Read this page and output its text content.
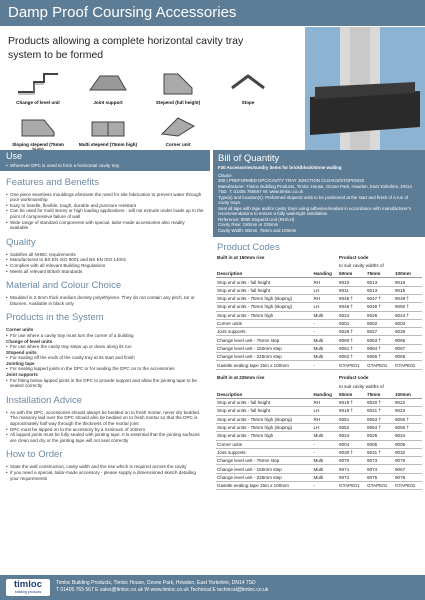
Damp Proof Coursing Accessories
Products allowing a complete horizontal cavity tray system to be formed
Change of level unit	Joint support	Stepend (full height)	Stope
Sloping stepend (75mm	Multi stepend (75mm high)	Corner unit
Use
• Wherever DPC is used to form a horizontal cavity tray
Features and Benefits
• One piece seamless mouldings eliminate the need for site fabrication to prevent water through poor workmanship
• Easy to handle, flexible, tough, durable and puncture resistant
• Can be used for multi storey or high loading applications - will not extrude under loads up to the point of compressive failure of wall
• Wide range of standard components with special, tailor-made accessories also readily available
Quality
• Satisfies all NHBC requirements
• Manufactured to BS EN ISO 9001 and BS EN ISO 14001
• Complies with all relevant Building Regulations
• Meets all relevant British Standards
Material and Colour Choice
• Moulded in 2.0mm thick medium density polyethylene. They do not contain any pitch, tar or bitumen. Available in black only
Products in the System
Corner units
• For use where a cavity tray must turn the corner of a building
Change of level units
• For use where the cavity tray steps up or down along its run
Stopend units
• For sealing off the ends of the cavity tray at its start and finish
Jointing tape
• For sealing lapped joints in the DPC or for sealing the DPC on to the accessories
Joint supports
• For fitting below lapped joints in the DPC to provide support and allow the jointing tape to be sealed correctly
Installation Advice
• As with the DPC, accessories should always be bedded on to fresh mortar, never dry bedded. The masonry laid over the DPC should also be bedded on to fresh mortar so that the DPC is approximately half way through the thickness of the mortar joint
• DPC must be lapped on to the accessory by a minimum of 100mm
• All lapped joints must be fully sealed with jointing tape. It is essential that the jointing surfaces are clean and dry or the jointing tape will not seal correctly
How to Order
• State the wall construction, cavity width and the rise which is required across the cavity
• If you need a special, tailor-made accessory - please supply a dimensioned sketch detailing your requirements
Bill of Quantity
F30 Accessories/sundry items for brick/block/stone walling
Clause
300 | PREFORMED DPC/CAVITY TRAY JUNCTION CLOAKS/STOPENDS
Manufacturer: Timloc Building Products, Timloc House, Ozone Park, Howden, East Yorkshire, DN14 7SD. T: 01405 765567 W: www.timloc.co.uk
Type(s) and location(s): Preformed stopend units to be positioned at the start and finish of a run of cavity trays.
Seal all laps with tape and/or cavity trays using adhesive/sealant in accordance with manufacturer's recommendations to ensure a fully watertight installation.
Reference: 9060 Stopend Unit (RH/LH)
Cavity Rise: 150mm or 225mm
Cavity Width: 50mm, 75mm and 100mm
Product Codes
Built in at 150mm rise		Product code		
		to suit cavity widths of		
Description	Handing	50mm	75mm	100mm
Stop end units - full height	RH	9010	9013	9016
Stop end units - full height	LH	9011	9013	9015
Stop end units - 75mm high (sloping)	RH	9045 †	9047 †	9049 †
Stop end units - 75mm high (sloping)	LH	9046 †	9048 †	9050 †
Stop end units - 75mm high	Multi	9024	9026	9024 †
Corner units	-	9001	9002	9003
Joint supports	-	9026 †	9027	9028
Change level unit - 75mm step	Multi	9060 †	9063 †	9066
Change level unit - 150mm step	Multi	9061 †	9064 †	9067
Change level unit - 225mm step	Multi	9062 †	9065 †	9068
Gasitite sealing tape 15m x 100mm	-	GTAPE01	GTAPE01	GTAPE01
Built in at 225mm rise		Product code		
		to suit cavity widths of		
Description	Handing	50mm	75mm	100mm
Stop end units - full height	RH	9018 †	9020 †	9022
Stop end units - full height	LH	9019 †	9021 †	9023
Stop end units - 75mm high (sloping)	RH	9051	9053 †	9055 †
Stop end units - 75mm high (sloping)	LH	9052	9054 †	9056 †
Stop end units - 75mm high	Multi	9024	9026	9024
Corner units	-	9004	9005	9006
Joint supports	-	9030 †	9031 †	9032
Change level unit - 75mm step	Multi	9070	9073	9076
Change level unit - 150mm step	Multi	9071	9074	9067
Change level unit - 225mm step	Multi	9072	9075	9078
Gasitite sealing tape 15m x 100mm	-	GTAPE01	GTAPE01	GTAPE01
timloc
building products
Timloc Building Products, Timloc House, Ozone Park, Howden, East Yorkshire, DN14 7SD
T 01405 765 567 E sales@timloc.co.uk W www.timloc.co.uk Technical E technical@timloc.co.uk
